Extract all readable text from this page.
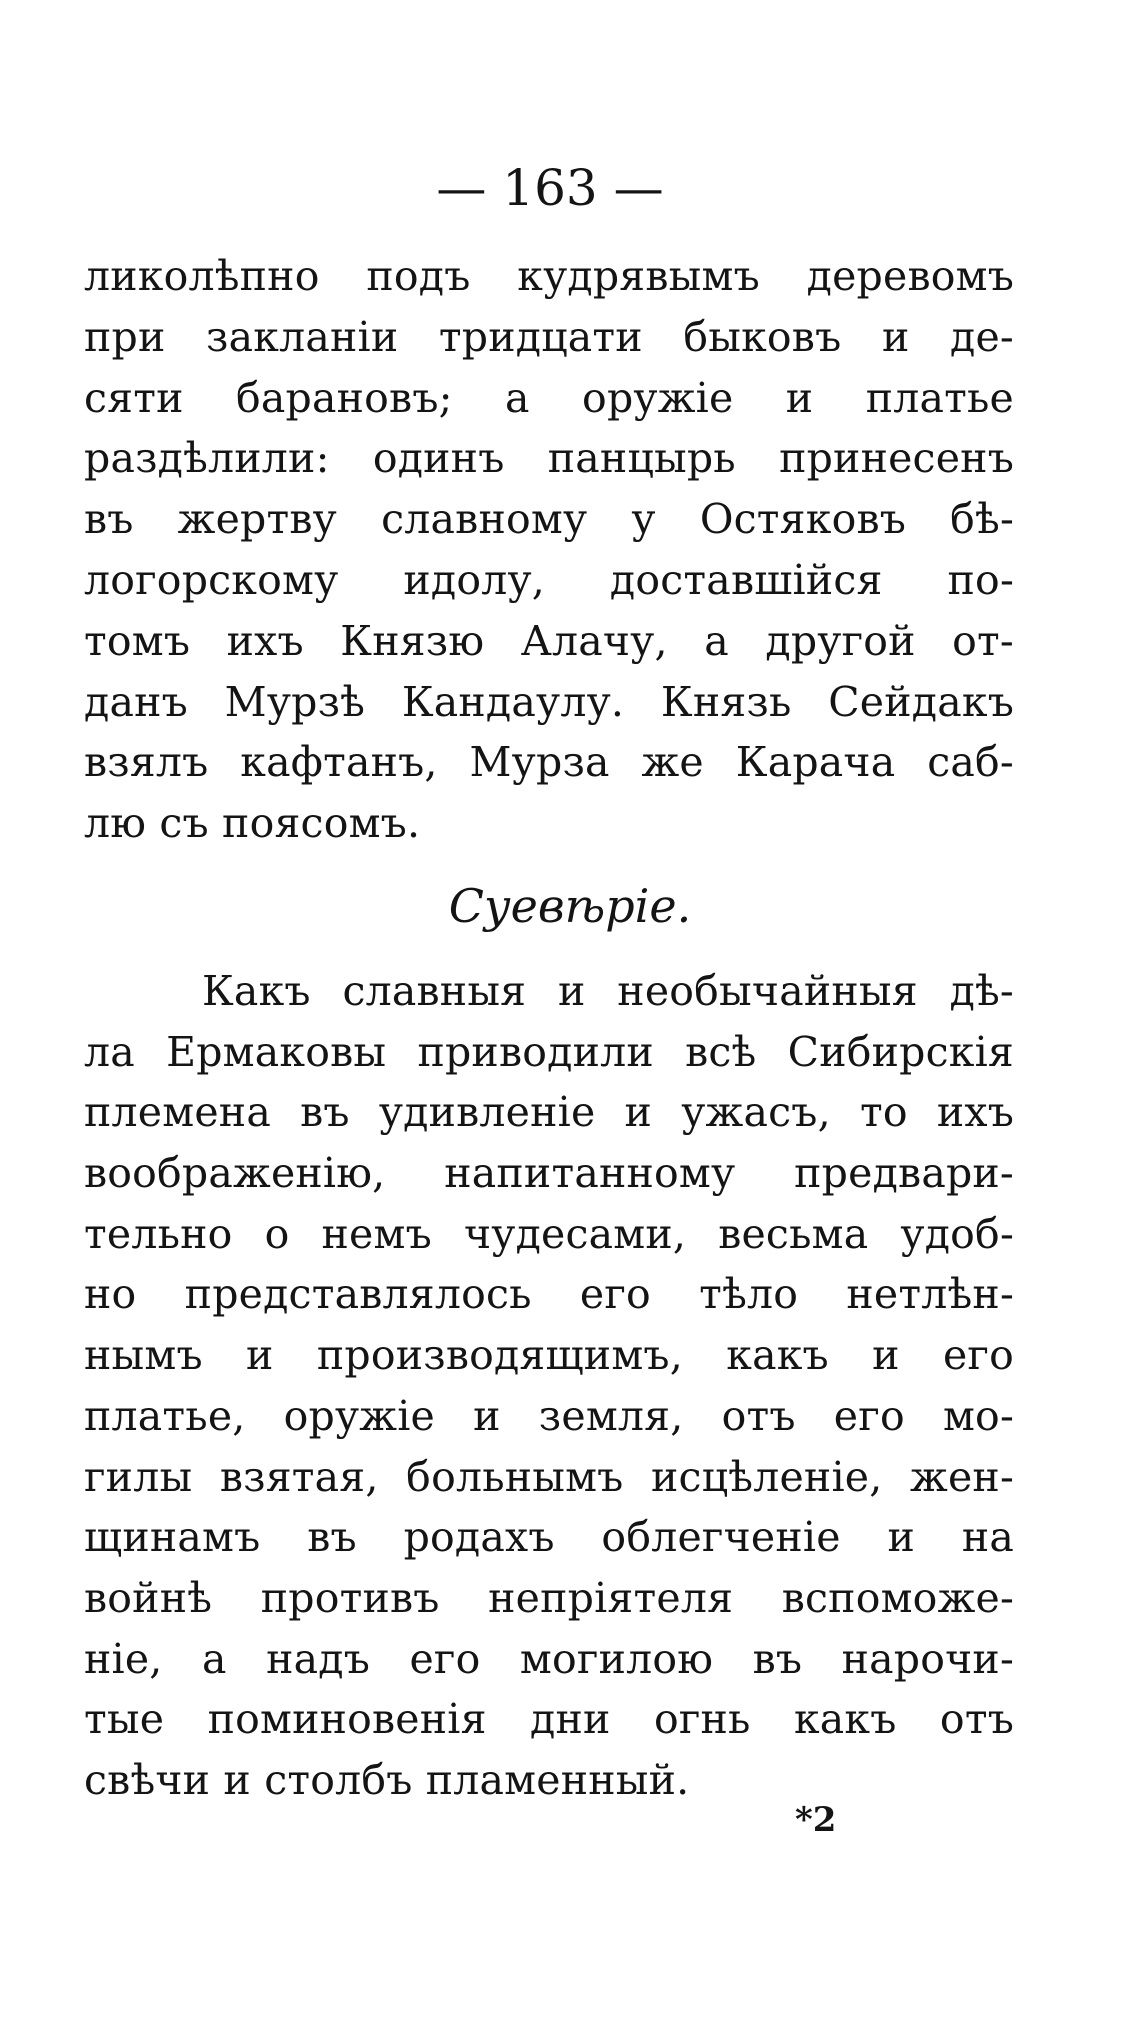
— 163 —
ликолѣпно подъ кудрявымъ деревомъ
при закланіи тридцати быковъ и де-
сяти барановъ; а оружіе и платье
раздѣлили: одинъ панцырь принесенъ
въ жертву славному у Остяковъ бѣ-
логорскому идолу, доставшійся по-
томъ ихъ Князю Алачу, а другой от-
данъ Мурзѣ Кандаулу. Князь Сейдакъ
взялъ кафтанъ, Мурза же Карача саб-
лю съ поясомъ.
Суевѣріе.
Какъ славныя и необычайныя дѣ-
ла Ермаковы приводили всѣ Сибирскія
племена въ удивленіе и ужасъ, то ихъ
воображенію, напитанному предвари-
тельно о немъ чудесами, весьма удоб-
но представлялось его тѣло нетлѣн-
нымъ и производящимъ, какъ и его
платье, оружіе и земля, отъ его мо-
гилы взятая, больнымъ исцѣленіе, жен-
щинамъ въ родахъ облегченіе и на
войнѣ противъ непріятеля вспоможе-
ніе, а надъ его могилою въ нарочи-
тые поминовенія дни огнь какъ отъ
свѣчи и столбъ пламенный.
*2
